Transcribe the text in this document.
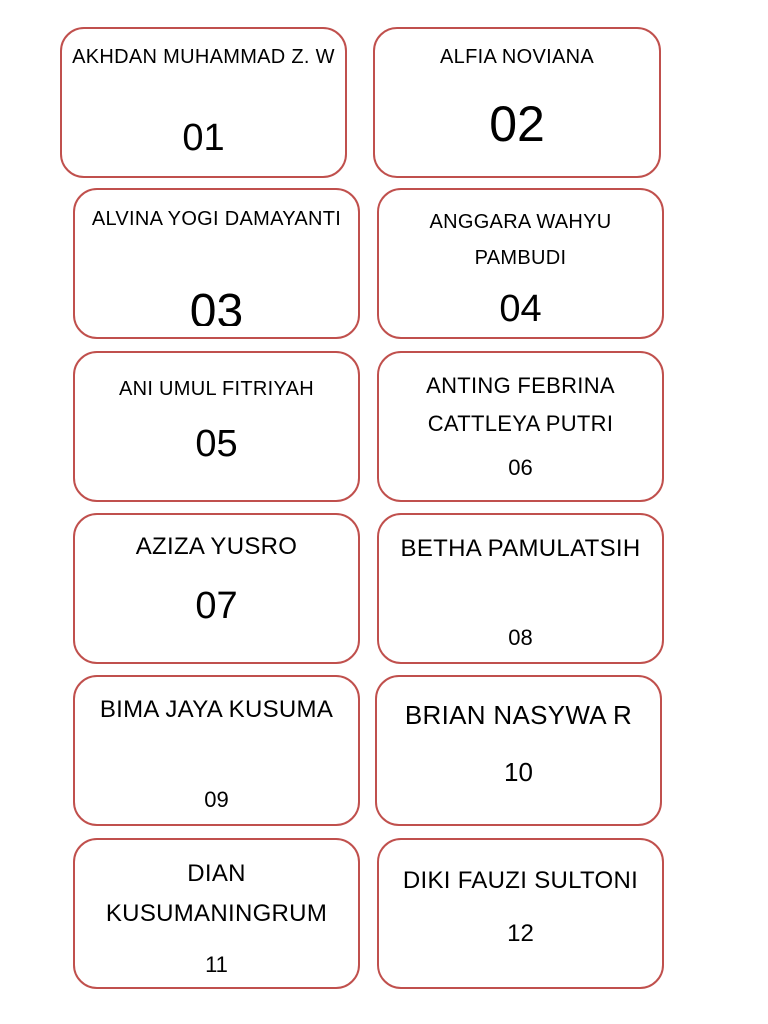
AKHDAN MUHAMMAD Z. W
01
ALFIA NOVIANA
02
ALVINA YOGI DAMAYANTI
03
ANGGARA WAHYU PAMBUDI
04
ANI UMUL FITRIYAH
05
ANTING FEBRINA CATTLEYA PUTRI
06
AZIZA YUSRO
07
BETHA PAMULATSIH
08
BIMA JAYA KUSUMA
09
BRIAN NASYWA R
10
DIAN KUSUMANINGRUM
11
DIKI FAUZI SULTONI
12
